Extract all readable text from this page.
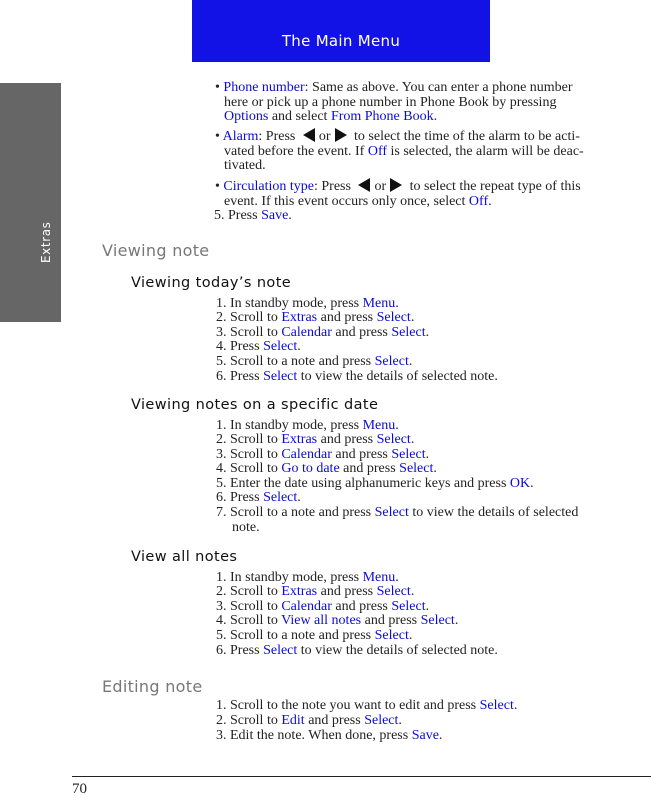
The Main Menu
Extras
• Phone number: Same as above. You can enter a phone number
here or pick up a phone number in Phone Book by pressing
Options and select From Phone Book.
• Alarm: Press or to select the time of the alarm to be acti-
vated before the event. If Off is selected, the alarm will be deac-
tivated.
• Circulation type: Press or to select the repeat type of this
event. If this event occurs only once, select Off.
5. Press Save.
Viewing note
Viewing today’s note
1. In standby mode, press Menu.
2. Scroll to Extras and press Select.
3. Scroll to Calendar and press Select.
4. Press Select.
5. Scroll to a note and press Select.
6. Press Select to view the details of selected note.
Viewing notes on a specific date
1. In standby mode, press Menu.
2. Scroll to Extras and press Select.
3. Scroll to Calendar and press Select.
4. Scroll to Go to date and press Select.
5. Enter the date using alphanumeric keys and press OK.
6. Press Select.
7. Scroll to a note and press Select to view the details of selected
note.
View all notes
1. In standby mode, press Menu.
2. Scroll to Extras and press Select.
3. Scroll to Calendar and press Select.
4. Scroll to View all notes and press Select.
5. Scroll to a note and press Select.
6. Press Select to view the details of selected note.
Editing note
1. Scroll to the note you want to edit and press Select.
2. Scroll to Edit and press Select.
3. Edit the note. When done, press Save.
70
